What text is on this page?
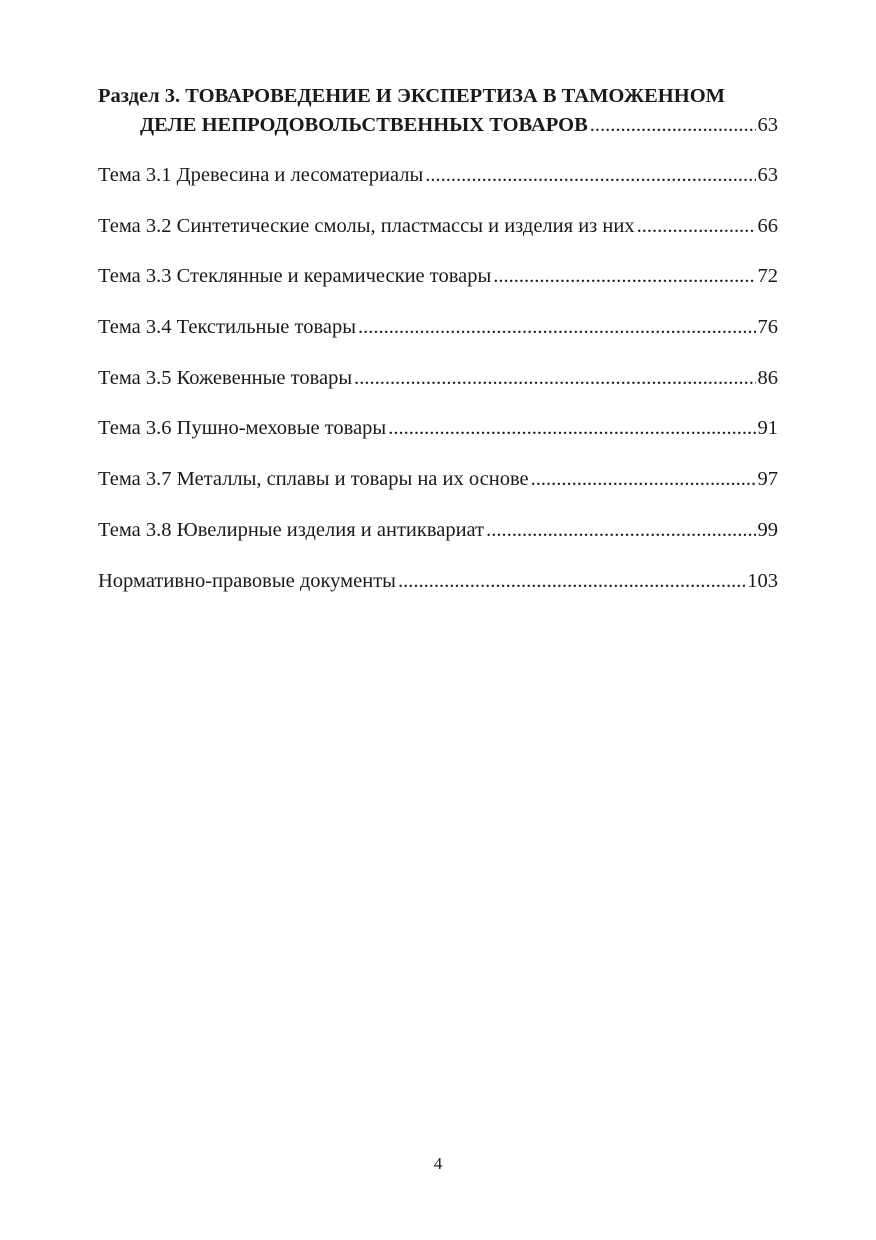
Раздел 3. ТОВАРОВЕДЕНИЕ И ЭКСПЕРТИЗА В ТАМОЖЕННОМ
ДЕЛЕ НЕПРОДОВОЛЬСТВЕННЫХ ТОВАРОВ .....	63
Тема 3.1 Древесина и лесоматериалы .....	63
Тема 3.2 Синтетические смолы, пластмассы и изделия из них .....	66
Тема 3.3 Стеклянные и керамические товары .....	72
Тема 3.4 Текстильные товары .....	76
Тема 3.5 Кожевенные товары .....	86
Тема 3.6 Пушно-меховые товары .....	91
Тема 3.7 Металлы, сплавы и товары на их основе .....	97
Тема 3.8 Ювелирные изделия и антиквариат .....	99
Нормативно-правовые документы .....	103
4
